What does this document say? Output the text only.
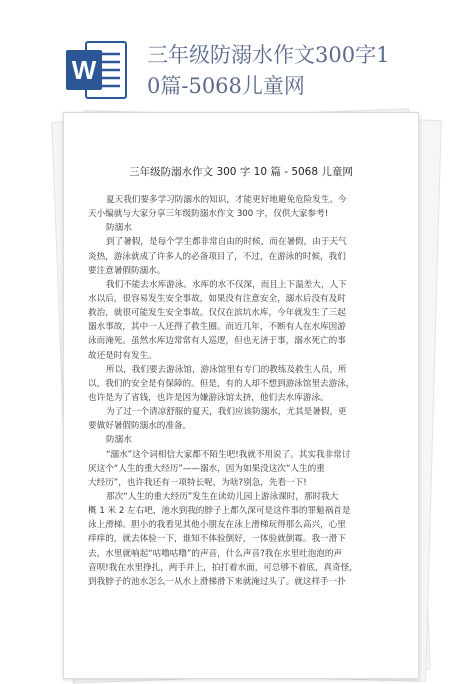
W 三年级防溺水作文300字1
0篇-5068儿童网
三年级防溺水作文 300 字 10 篇 - 5068 儿童网
夏天我们要多学习防溺水的知识，才能更好地避免危险发生。今
天小编就与大家分享三年级防溺水作文 300 字，仅供大家参考!
防溺水
到了暑假，是每个学生都非常自由的时候，而在暑假，由于天气
炎热，游泳就成了许多人的必备项目了，不过，在游泳的时候，我们
要注意暑假防溺水。
我们不能去水库游泳。水库的水不仅深，而且上下温差大，人下
水以后，很容易发生安全事故，如果没有注意安全，溺水后没有及时
救治，就很可能发生安全事故。仅仅在滨坑水库，今年就发生了三起
溺水事故，其中一人还得了救生圈。而近几年，不断有人在水库因游
泳而淹死。虽然水库边常常有人巡逻，但也无济于事，溺水死亡的事
故还是时有发生。
所以，我们要去游泳馆，游泳馆里有专门的教练及救生人员，所
以，我们的安全是有保障的。但是，有的人却不想到游泳馆里去游泳，
也许是为了省钱，也许是因为嫌游泳馆太挤，他们去水库游泳。
为了过一个清凉舒服的夏天，我们应该防溺水，尤其是暑假，更
要做好暑假防溺水的准备。
防溺水
“溺水”这个词相信大家都不陌生吧!我就不用说了。其实我非常讨
厌这个“人生的重大经历”——溺水，因为如果没这次“人生的重
大经历”，也许我还有一项特长呢，为啥?别急，先看一下!
那次“人生的重大经历”发生在读幼儿园上游泳课时，那时我大
概 1 米 2 左右吧，池水到我的脖子上都久深可是这件事的罪魁祸首是
泳上滑梯。胆小的我看见其他小朋友在泳上滑梯玩得那么高兴，心里
痒痒的，就去体验一下，谁知不体验倒好，一体验就倒霉。我一滑下
去，水里就响起“咕噜咕噜”的声音，什么声音?我在水里吐泡泡的声
音呗!我在水里挣扎，两手并上，拍打着水面，可总够不着底，真奇怪，
到我脖子的池水怎么一从水上滑梯滑下来就淹过头了。就这样手一扑
